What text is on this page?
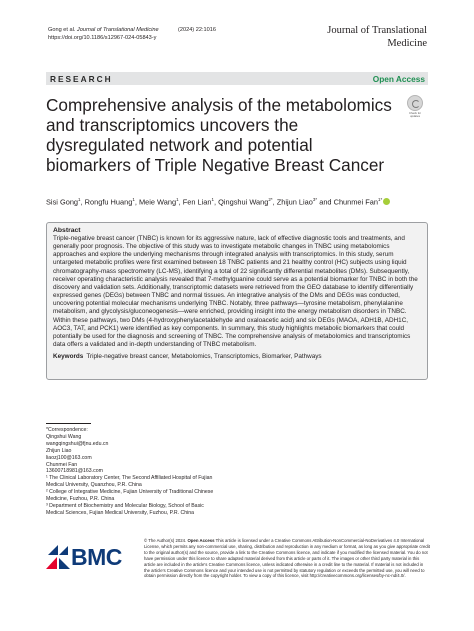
Gong et al. Journal of Translational Medicine
https://doi.org/10.1186/s12967-024-05843-y
(2024) 22:1016	Journal of Translational
Medicine
RESEARCH	Open Access
Comprehensive analysis of the metabolomics and transcriptomics uncovers the dysregulated network and potential biomarkers of Triple Negative Breast Cancer
Check for
updates
Sisi Gong$^1$, Rongfu Huang$^1$, Meie Wang$^1$, Fen Lian$^1$, Qingshui Wang$^{2*}$, Zhijun Liao$^{3*}$ and Chunmei Fan$^{1*}$
Abstract
Triple-negative breast cancer (TNBC) is known for its aggressive nature, lack of effective diagnostic tools and treatments, and generally poor prognosis. The objective of this study was to investigate metabolic changes in TNBC using metabolomics approaches and explore the underlying mechanisms through integrated analysis with transcriptomics. In this study, serum untargeted metabolic profiles were first examined between 18 TNBC patients and 21 healthy control (HC) subjects using liquid chromatography-mass spectrometry (LC-MS), identifying a total of 22 significantly differential metabolites (DMs). Subsequently, receiver operating characteristic analysis revealed that 7-methylguanine could serve as a potential biomarker for TNBC in both the discovery and validation sets. Additionally, transcriptomic datasets were retrieved from the GEO database to identify differentially expressed genes (DEGs) between TNBC and normal tissues. An integrative analysis of the DMs and DEGs was conducted, uncovering potential molecular mechanisms underlying TNBC. Notably, three pathways—tyrosine metabolism, phenylalanine metabolism, and glycolysis/gluconeogenesis—were enriched, providing insight into the energy metabolism disorders in TNBC. Within these pathways, two DMs (4-hydroxyphenylacetaldehyde and oxaloacetic acid) and six DEGs (MAOA, ADH1B, ADH1C, AOC3, TAT, and PCK1) were identified as key components. In summary, this study highlights metabolic biomarkers that could potentially be used for the diagnosis and screening of TNBC. The comprehensive analysis of metabolomics and transcriptomics data offers a validated and in-depth understanding of TNBC metabolism.
Keywords Triple-negative breast cancer, Metabolomics, Transcriptomics, Biomarker, Pathways
*Correspondence:
Qingshui Wang
wangqingshui@fjnu.edu.cn
Zhijun Liao
liaozj100@163.com
Chunmei Fan
13600718981@163.com
¹ The Clinical Laboratory Center, The Second Affiliated Hospital of Fujian
Medical University, Quanzhou, P.R. China
² College of Integrative Medicine, Fujian University of Traditional Chinese
Medicine, Fuzhou, P.R. China
³ Department of Biochemistry and Molecular Biology, School of Basic
Medical Sciences, Fujian Medical University, Fuzhou, P.R. China
BMC
© The Author(s) 2024. Open Access This article is licensed under a Creative Commons Attribution-NonCommercial-NoDerivatives 4.0 International License, which permits any non-commercial use, sharing, distribution and reproduction in any medium or format, as long as you give appropriate credit to the original author(s) and the source, provide a link to the Creative Commons licence, and indicate if you modified the licensed material. You do not have permission under this licence to share adapted material derived from this article or parts of it. The images or other third party material in this article are included in the article's Creative Commons licence, unless indicated otherwise in a credit line to the material. If material is not included in the article's Creative Commons licence and your intended use is not permitted by statutory regulation or exceeds the permitted use, you will need to obtain permission directly from the copyright holder. To view a copy of this licence, visit http://creativecommons.org/licenses/by-nc-nd/4.0/.
